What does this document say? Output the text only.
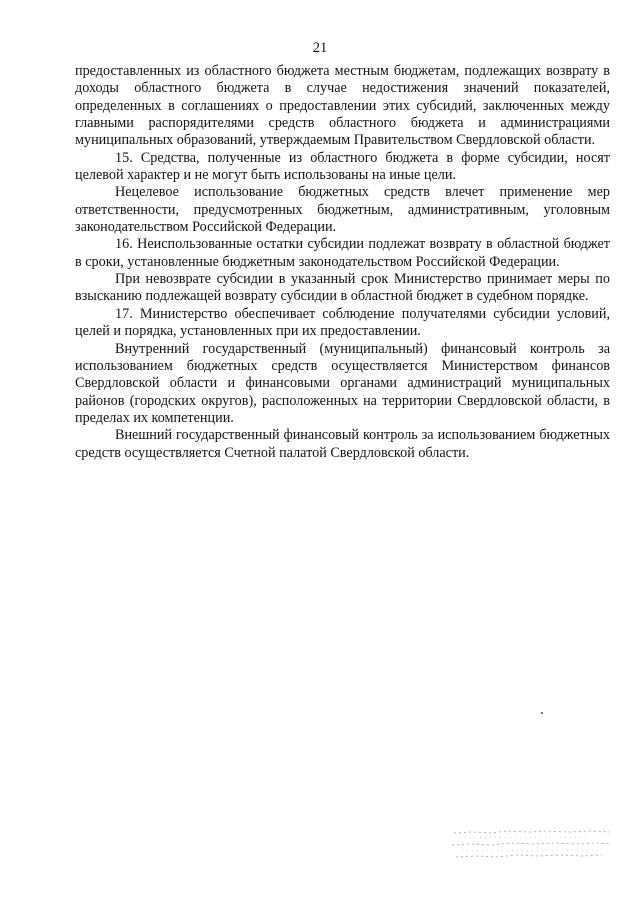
21

предоставленных из областного бюджета местным бюджетам, подлежащих возврату в доходы областного бюджета в случае недостижения значений показателей, определенных в соглашениях о предоставлении этих субсидий, заключенных между главными распорядителями средств областного бюджета и администрациями муниципальных образований, утверждаемым Правительством Свердловской области.

15. Средства, полученные из областного бюджета в форме субсидии, носят целевой характер и не могут быть использованы на иные цели.

Нецелевое использование бюджетных средств влечет применение мер ответственности, предусмотренных бюджетным, административным, уголовным законодательством Российской Федерации.

16. Неиспользованные остатки субсидии подлежат возврату в областной бюджет в сроки, установленные бюджетным законодательством Российской Федерации.

При невозврате субсидии в указанный срок Министерство принимает меры по взысканию подлежащей возврату субсидии в областной бюджет в судебном порядке.

17. Министерство обеспечивает соблюдение получателями субсидии условий, целей и порядка, установленных при их предоставлении.

Внутренний государственный (муниципальный) финансовый контроль за использованием бюджетных средств осуществляется Министерством финансов Свердловской области и финансовыми органами администраций муниципальных районов (городских округов), расположенных на территории Свердловской области, в пределах их компетенции.

Внешний государственный финансовый контроль за использованием бюджетных средств осуществляется Счетной палатой Свердловской области.
